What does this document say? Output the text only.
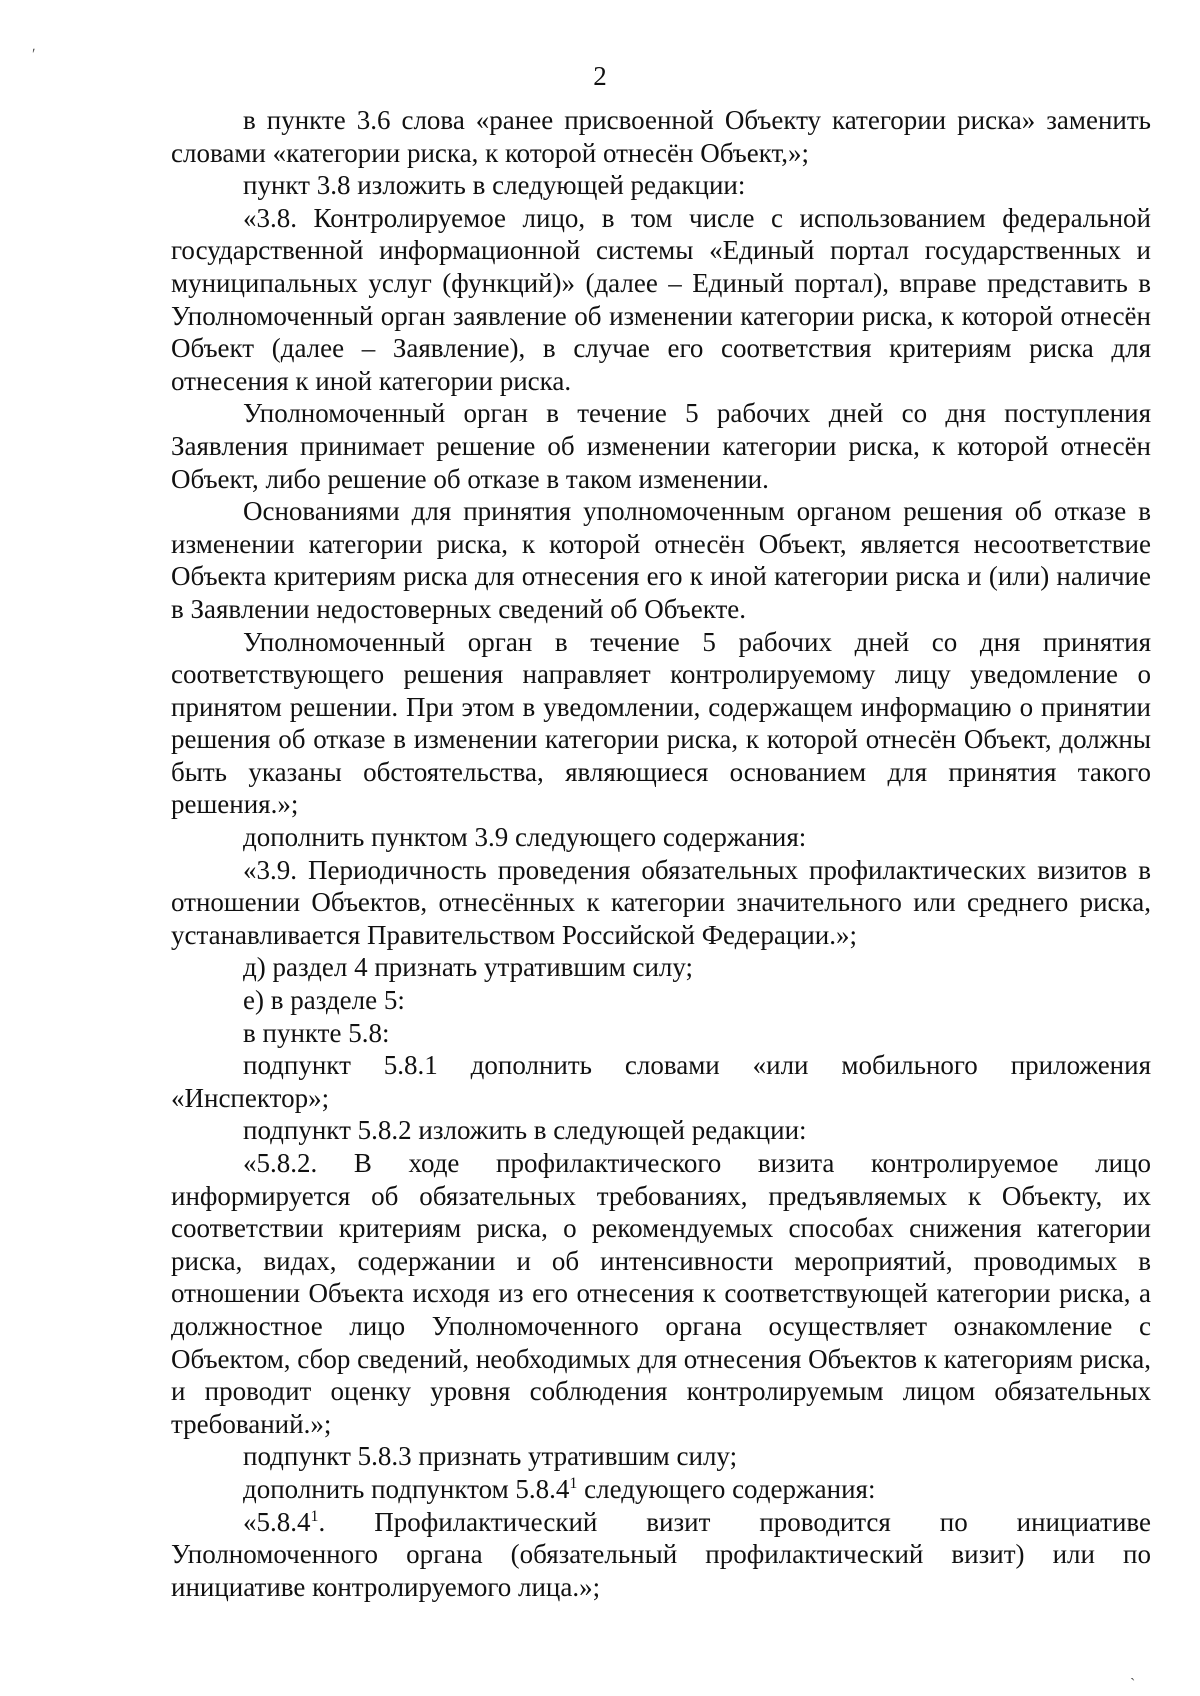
2

в пункте 3.6 слова «ранее присвоенной Объекту категории риска» заменить словами «категории риска, к которой отнесён Объект,»;

пункт 3.8 изложить в следующей редакции:

«3.8. Контролируемое лицо, в том числе с использованием федеральной государственной информационной системы «Единый портал государственных и муниципальных услуг (функций)» (далее – Единый портал), вправе представить в Уполномоченный орган заявление об изменении категории риска, к которой отнесён Объект (далее – Заявление), в случае его соответствия критериям риска для отнесения к иной категории риска.

Уполномоченный орган в течение 5 рабочих дней со дня поступления Заявления принимает решение об изменении категории риска, к которой отнесён Объект, либо решение об отказе в таком изменении.

Основаниями для принятия уполномоченным органом решения об отказе в изменении категории риска, к которой отнесён Объект, является несоответствие Объекта критериям риска для отнесения его к иной категории риска и (или) наличие в Заявлении недостоверных сведений об Объекте.

Уполномоченный орган в течение 5 рабочих дней со дня принятия соответствующего решения направляет контролируемому лицу уведомление о принятом решении. При этом в уведомлении, содержащем информацию о принятии решения об отказе в изменении категории риска, к которой отнесён Объект, должны быть указаны обстоятельства, являющиеся основанием для принятия такого решения.»;

дополнить пунктом 3.9 следующего содержания:

«3.9. Периодичность проведения обязательных профилактических визитов в отношении Объектов, отнесённых к категории значительного или среднего риска, устанавливается Правительством Российской Федерации.»;

д) раздел 4 признать утратившим силу;

е) в разделе 5:

в пункте 5.8:

подпункт 5.8.1 дополнить словами «или мобильного приложения «Инспектор»;

подпункт 5.8.2 изложить в следующей редакции:

«5.8.2. В ходе профилактического визита контролируемое лицо информируется об обязательных требованиях, предъявляемых к Объекту, их соответствии критериям риска, о рекомендуемых способах снижения категории риска, видах, содержании и об интенсивности мероприятий, проводимых в отношении Объекта исходя из его отнесения к соответствующей категории риска, а должностное лицо Уполномоченного органа осуществляет ознакомление с Объектом, сбор сведений, необходимых для отнесения Объектов к категориям риска, и проводит оценку уровня соблюдения контролируемым лицом обязательных требований.»;

подпункт 5.8.3 признать утратившим силу;

дополнить подпунктом 5.8.4$^1$ следующего содержания:

«5.8.4$^1$. Профилактический визит проводится по инициативе Уполномоченного органа (обязательный профилактический визит) или по инициативе контролируемого лица.»;

ʹ
ˋ
